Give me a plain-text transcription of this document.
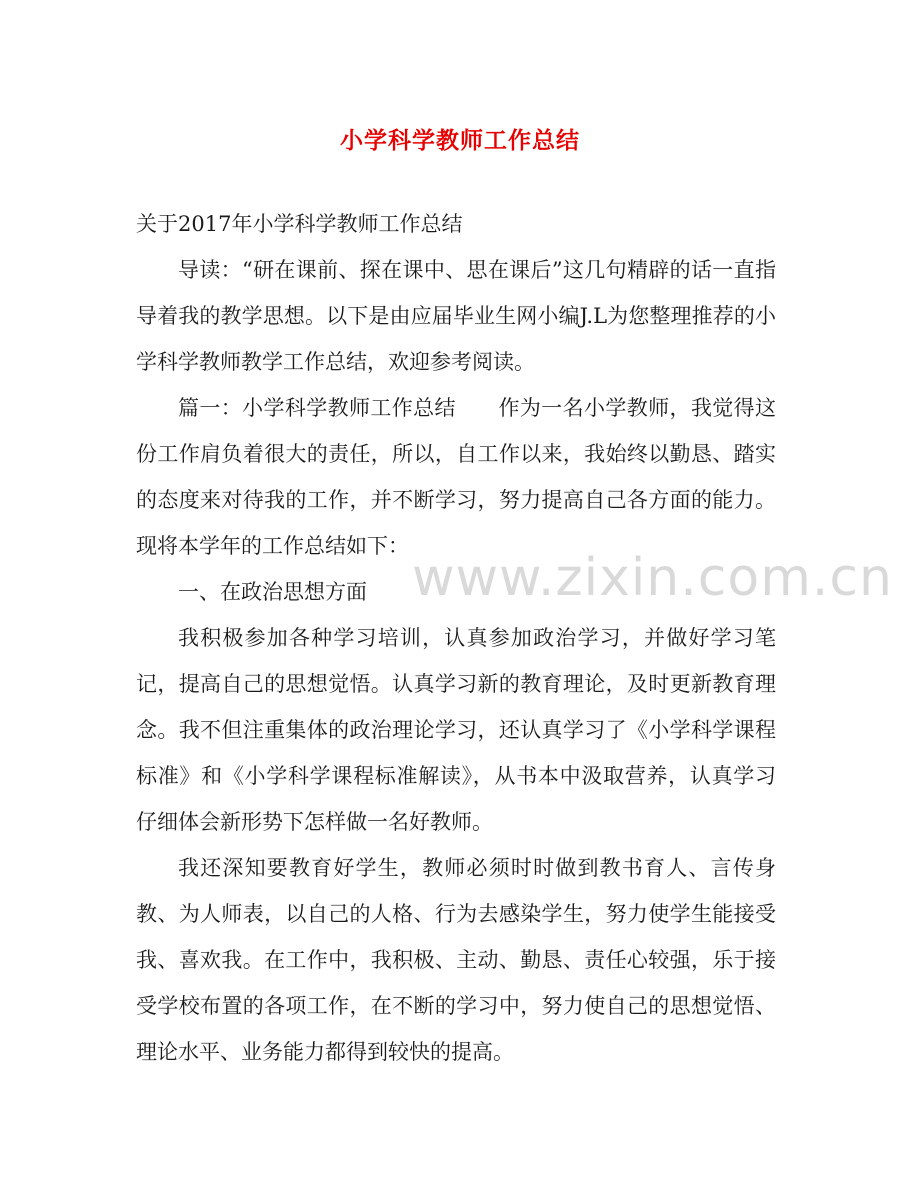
小学科学教师工作总结

关于2017年小学科学教师工作总结

导读：“研在课前、探在课中、思在课后”这几句精辟的话一直指导着我的教学思想。以下是由应届毕业生网小编J.L为您整理推荐的小学科学教师教学工作总结，欢迎参考阅读。

篇一：小学科学教师工作总结　　作为一名小学教师，我觉得这份工作肩负着很大的责任，所以，自工作以来，我始终以勤恳、踏实的态度来对待我的工作，并不断学习，努力提高自己各方面的能力。现将本学年的工作总结如下：

一、在政治思想方面

我积极参加各种学习培训，认真参加政治学习，并做好学习笔记，提高自己的思想觉悟。认真学习新的教育理论，及时更新教育理念。我不但注重集体的政治理论学习，还认真学习了《小学科学课程标准》和《小学科学课程标准解读》，从书本中汲取营养，认真学习仔细体会新形势下怎样做一名好教师。

我还深知要教育好学生，教师必须时时做到教书育人、言传身教、为人师表，以自己的人格、行为去感染学生，努力使学生能接受我、喜欢我。在工作中，我积极、主动、勤恳、责任心较强，乐于接受学校布置的各项工作，在不断的学习中，努力使自己的思想觉悟、理论水平、业务能力都得到较快的提高。

www.zixin.com.cn
